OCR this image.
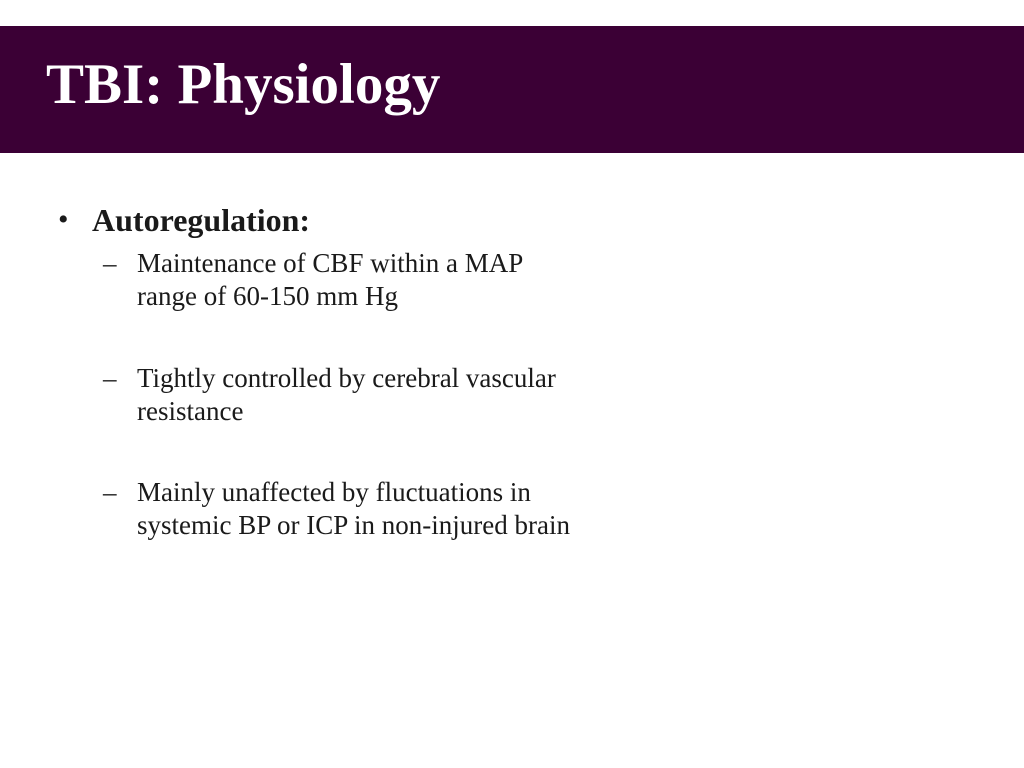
TBI: Physiology
• Autoregulation:
– Maintenance of CBF within a MAP
range of 60-150 mm Hg
– Tightly controlled by cerebral vascular
resistance
– Mainly unaffected by fluctuations in
systemic BP or ICP in non-injured brain
